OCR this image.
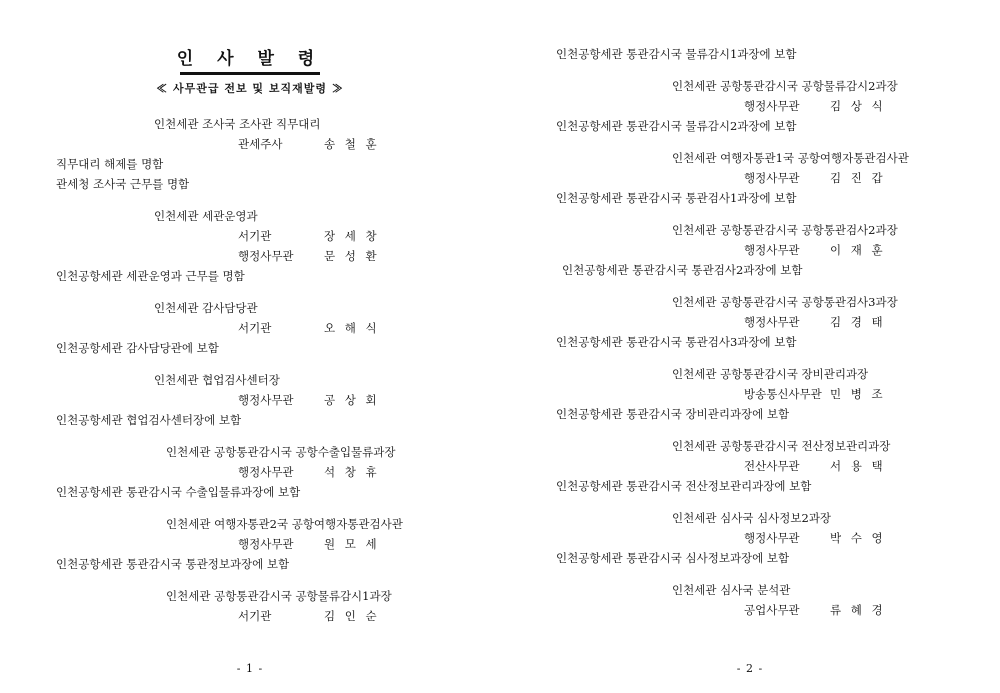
인 사 발 령
≪ 사무관급 전보 및 보직재발령 ≫
인천세관 조사국 조사관 직무대리
관세주사	송 철 훈
직무대리 해제를 명함
관세청 조사국 근무를 명함
인천세관 세관운영과
서기관	장 세 창
행정사무관	문 성 환
인천공항세관 세관운영과 근무를 명함
인천세관 감사담당관
서기관	오 해 식
인천공항세관 감사담당관에 보함
인천세관 협업검사센터장
행정사무관	공 상 회
인천공항세관 협업검사센터장에 보함
인천세관 공항통관감시국 공항수출입물류과장
행정사무관	석 창 휴
인천공항세관 통관감시국 수출입물류과장에 보함
인천세관 여행자통관2국 공항여행자통관검사관
행정사무관	원 모 세
인천공항세관 통관감시국 통관정보과장에 보함
인천세관 공항통관감시국 공항물류감시1과장
서기관	김 인 순
- 1 -
인천공항세관 통관감시국 물류감시1과장에 보함
인천세관 공항통관감시국 공항물류감시2과장
행정사무관	김 상 식
인천공항세관 통관감시국 물류감시2과장에 보함
인천세관 여행자통관1국 공항여행자통관검사관
행정사무관	김 진 갑
인천공항세관 통관감시국 통관검사1과장에 보함
인천세관 공항통관감시국 공항통관검사2과장
행정사무관	이 재 훈
인천공항세관 통관감시국 통관검사2과장에 보함
인천세관 공항통관감시국 공항통관검사3과장
행정사무관	김 경 태
인천공항세관 통관감시국 통관검사3과장에 보함
인천세관 공항통관감시국 장비관리과장
방송통신사무관 민 병 조
인천공항세관 통관감시국 장비관리과장에 보함
인천세관 공항통관감시국 전산정보관리과장
전산사무관	서 용 택
인천공항세관 통관감시국 전산정보관리과장에 보함
인천세관 심사국 심사정보2과장
행정사무관	박 수 영
인천공항세관 통관감시국 심사정보과장에 보함
인천세관 심사국 분석관
공업사무관	류 혜 경
- 2 -
